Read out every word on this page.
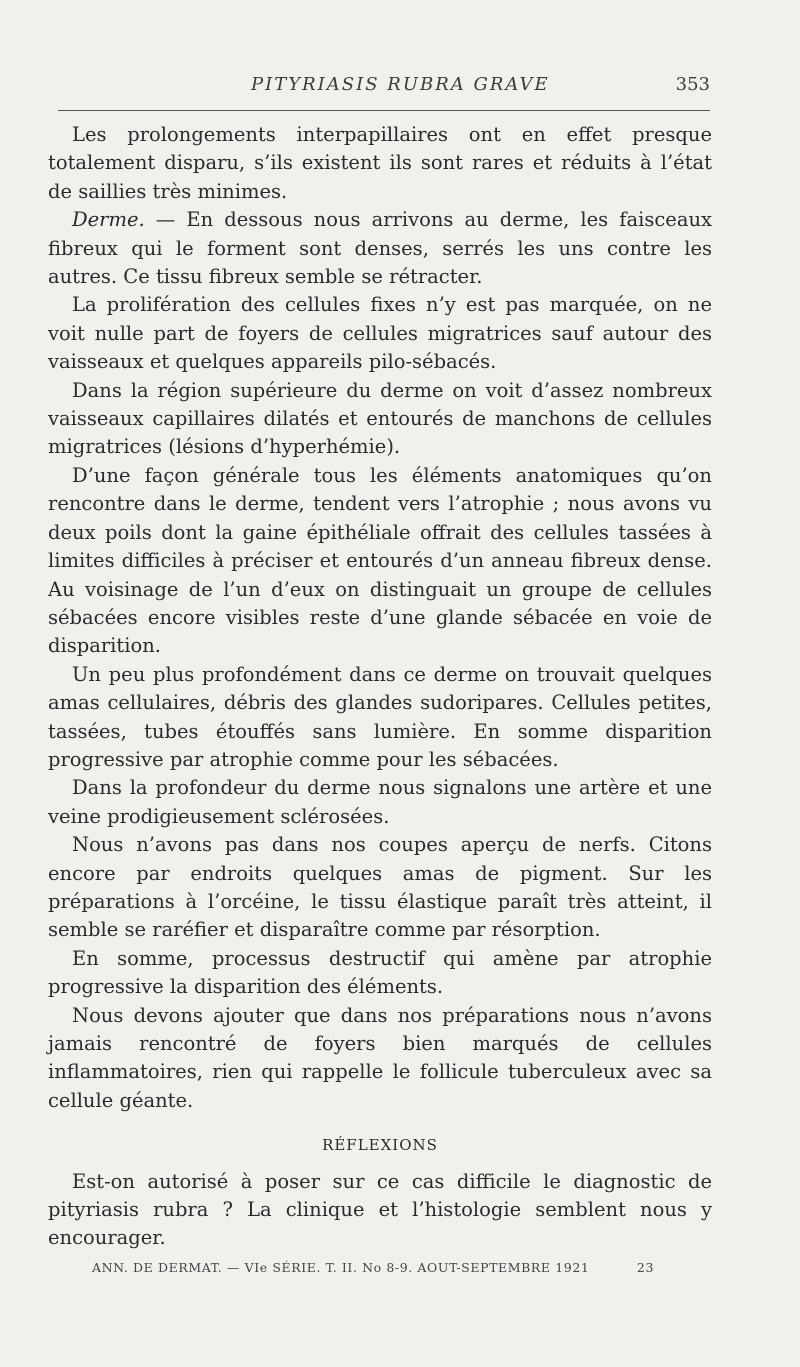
PITYRIASIS RUBRA GRAVE	353

Les prolongements interpapillaires ont en effet presque totalement disparu, s’ils existent ils sont rares et réduits à l’état de saillies très minimes.

Derme. — En dessous nous arrivons au derme, les faisceaux fibreux qui le forment sont denses, serrés les uns contre les autres. Ce tissu fibreux semble se rétracter.

La prolifération des cellules fixes n’y est pas marquée, on ne voit nulle part de foyers de cellules migratrices sauf autour des vaisseaux et quelques appareils pilo-sébacés.

Dans la région supérieure du derme on voit d’assez nombreux vaisseaux capillaires dilatés et entourés de manchons de cellules migratrices (lésions d’hyperhémie).

D’une façon générale tous les éléments anatomiques qu’on rencontre dans le derme, tendent vers l’atrophie ; nous avons vu deux poils dont la gaine épithéliale offrait des cellules tassées à limites difficiles à préciser et entourés d’un anneau fibreux dense. Au voisinage de l’un d’eux on distinguait un groupe de cellules sébacées encore visibles reste d’une glande sébacée en voie de disparition.

Un peu plus profondément dans ce derme on trouvait quelques amas cellulaires, débris des glandes sudoripares. Cellules petites, tassées, tubes étouffés sans lumière. En somme disparition progressive par atrophie comme pour les sébacées.

Dans la profondeur du derme nous signalons une artère et une veine prodigieusement sclérosées.

Nous n’avons pas dans nos coupes aperçu de nerfs. Citons encore par endroits quelques amas de pigment. Sur les préparations à l’orcéine, le tissu élastique paraît très atteint, il semble se raréfier et disparaître comme par résorption.

En somme, processus destructif qui amène par atrophie progressive la disparition des éléments.

Nous devons ajouter que dans nos préparations nous n’avons jamais rencontré de foyers bien marqués de cellules inflammatoires, rien qui rappelle le follicule tuberculeux avec sa cellule géante.

RÉFLEXIONS

Est-on autorisé à poser sur ce cas difficile le diagnostic de pityriasis rubra ? La clinique et l’histologie semblent nous y encourager.

ANN. DE DERMAT. — VIe SÉRIE. T. II. No 8-9. AOUT-SEPTEMBRE 1921	23
